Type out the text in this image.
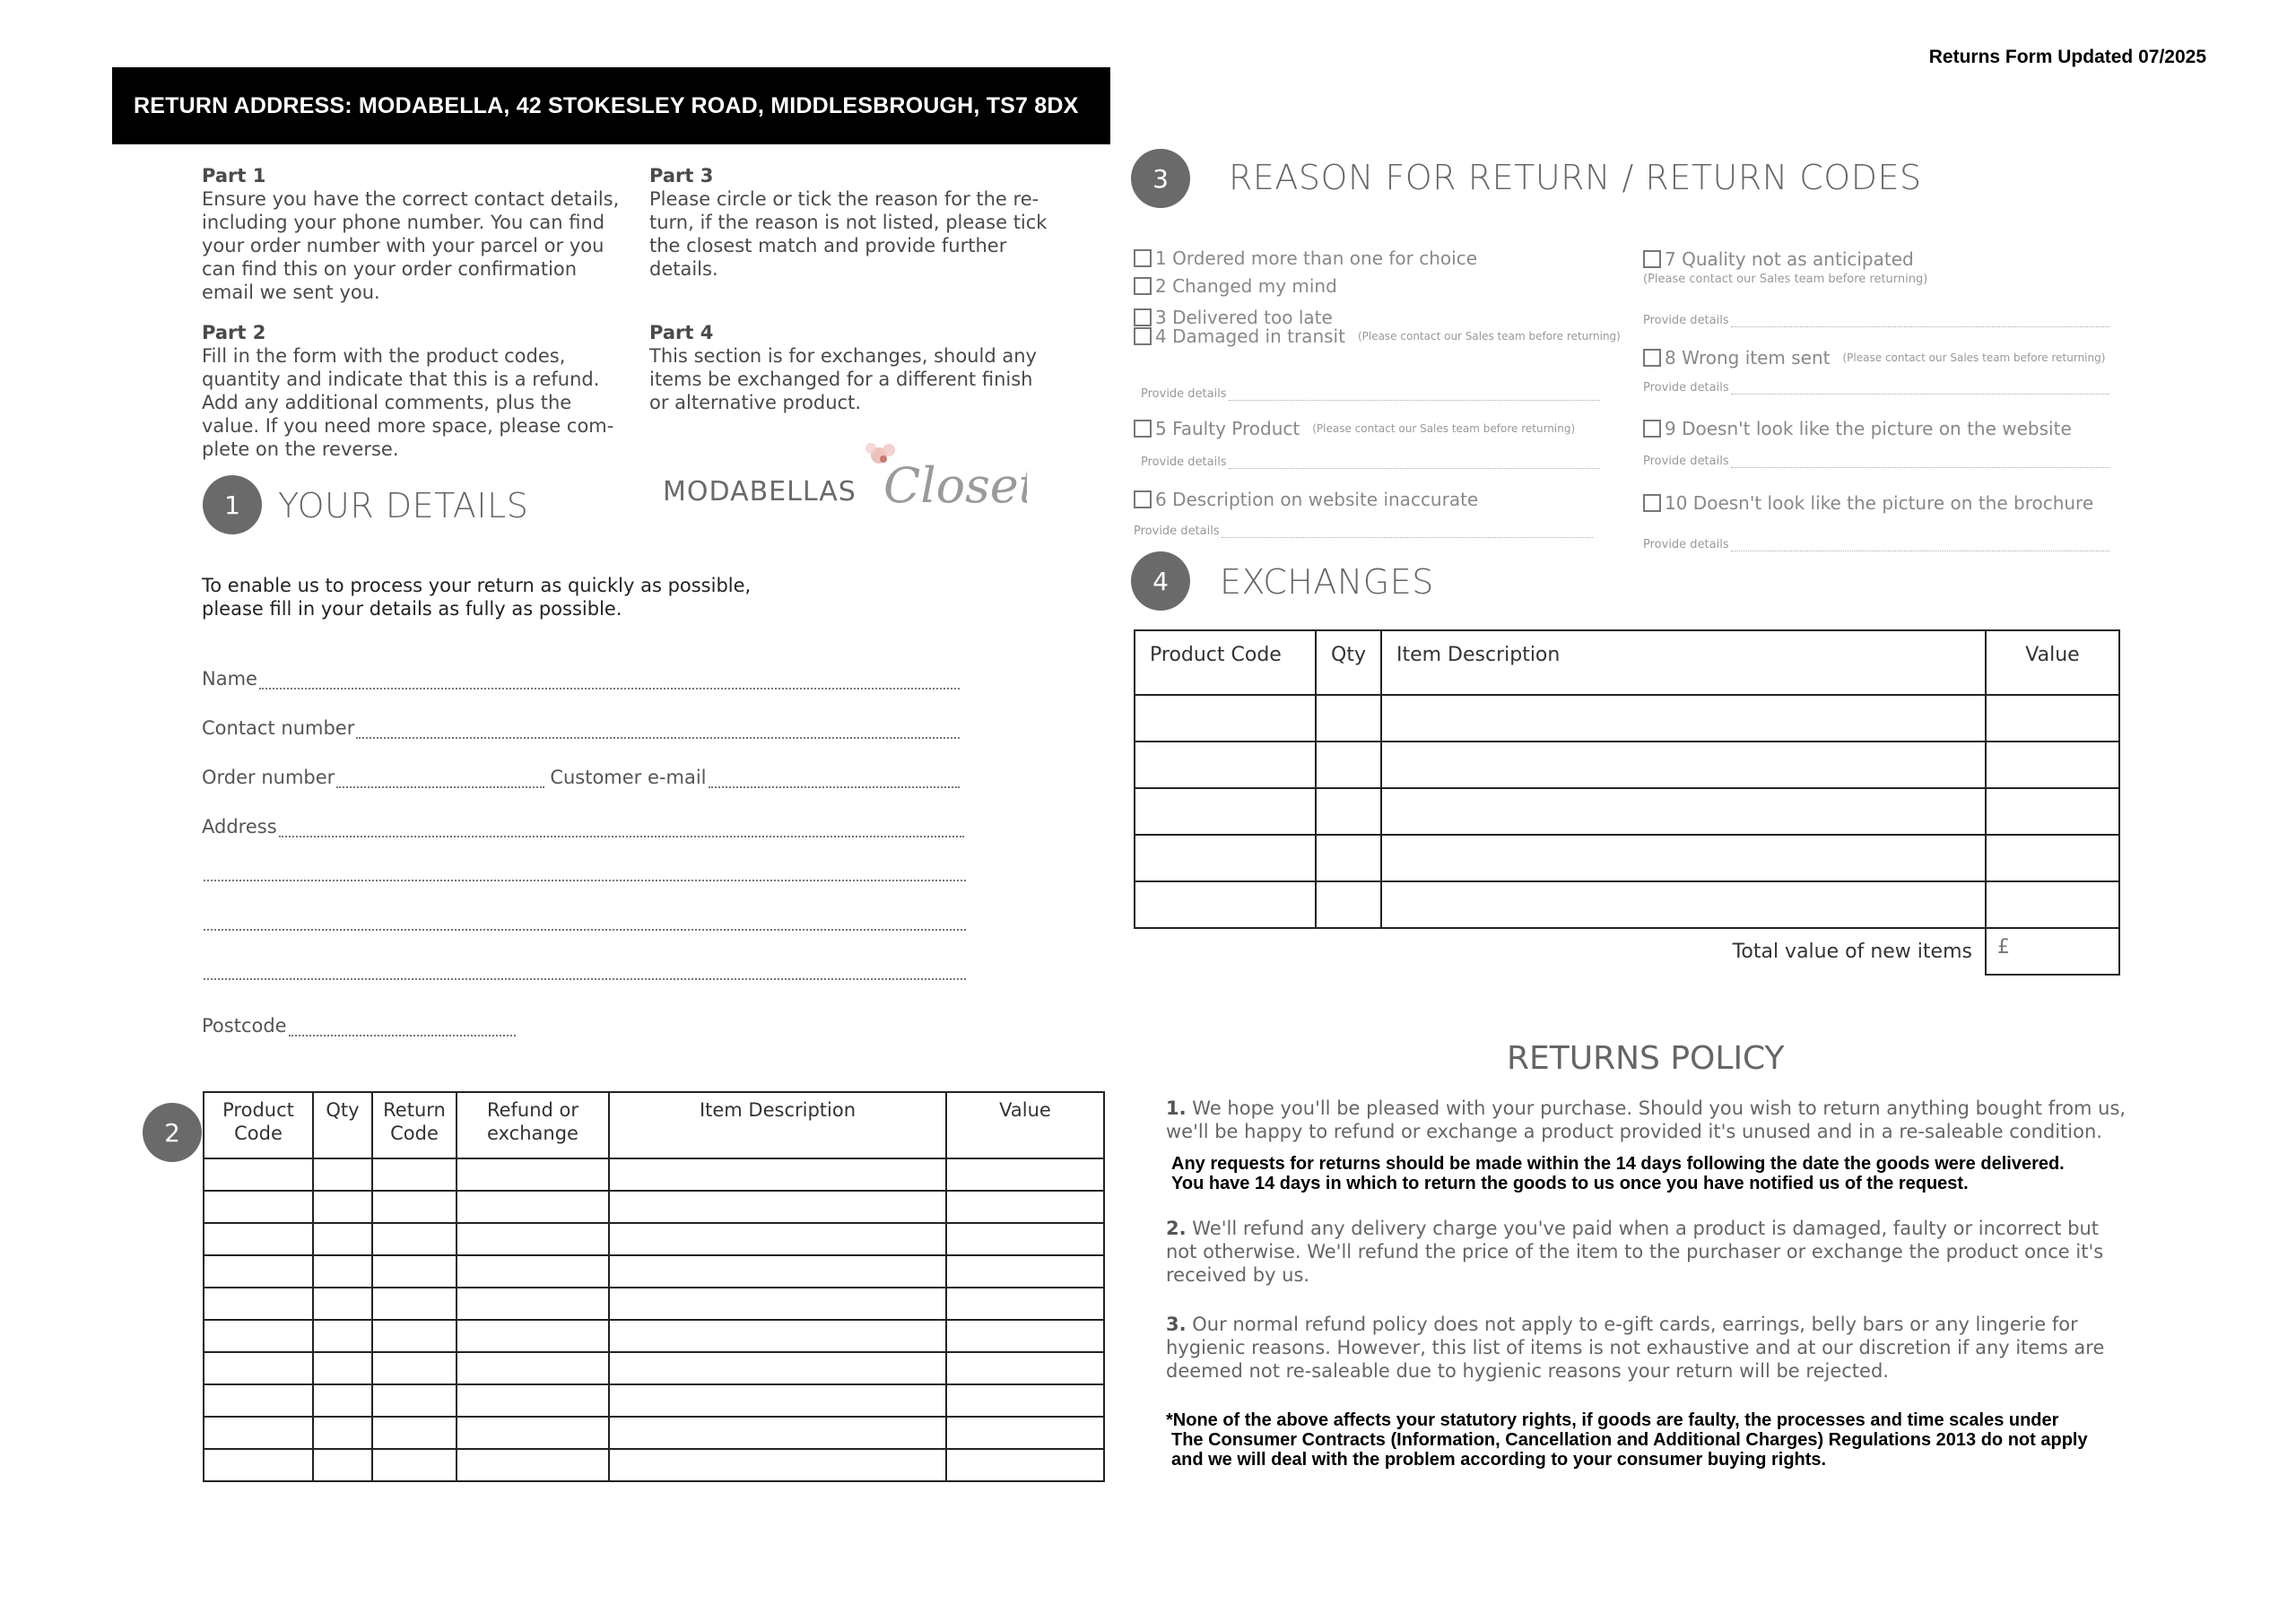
Returns Form Updated 07/2025
RETURN ADDRESS: MODABELLA, 42 STOKESLEY ROAD, MIDDLESBROUGH, TS7 8DX
Part 1
Ensure you have the correct contact details,
including your phone number. You can find
your order number with your parcel or you
can find this on your order confirmation
email we sent you.
Part 2
Fill in the form with the product codes,
quantity and indicate that this is a refund.
Add any additional comments, plus the
value. If you need more space, please com-
plete on the reverse.
Part 3
Please circle or tick the reason for the re-
turn, if the reason is not listed, please tick
the closest match and provide further
details.
Part 4
This section is for exchanges, should any
items be exchanged for a different finish
or alternative product.
1	YOUR DETAILS	MODABELLAS Closet
To enable us to process your return as quickly as possible,
please fill in your details as fully as possible.
Name
Contact number
Order number	Customer e-mail
Address
Postcode
2
Product Code	Qty	Return Code	Refund or exchange	Item Description	Value

3	REASON FOR RETURN / RETURN CODES
1 Ordered more than one for choice
2 Changed my mind
3 Delivered too late
4 Damaged in transit (Please contact our Sales team before returning)
Provide details
5 Faulty Product (Please contact our Sales team before returning)
Provide details
6 Description on website inaccurate
Provide details
7 Quality not as anticipated
(Please contact our Sales team before returning)
Provide details
8 Wrong item sent (Please contact our Sales team before returning)
Provide details
9 Doesn't look like the picture on the website
Provide details
10 Doesn't look like the picture on the brochure
Provide details
4	EXCHANGES
Product Code	Qty	Item Description	Value

Total value of new items			£
RETURNS POLICY
1. We hope you'll be pleased with your purchase. Should you wish to return anything bought from us,
we'll be happy to refund or exchange a product provided it's unused and in a re-saleable condition.
Any requests for returns should be made within the 14 days following the date the goods were delivered.
You have 14 days in which to return the goods to us once you have notified us of the request.
2. We'll refund any delivery charge you've paid when a product is damaged, faulty or incorrect but
not otherwise. We'll refund the price of the item to the purchaser or exchange the product once it's
received by us.
3. Our normal refund policy does not apply to e-gift cards, earrings, belly bars or any lingerie for
hygienic reasons. However, this list of items is not exhaustive and at our discretion if any items are
deemed not re-saleable due to hygienic reasons your return will be rejected.
*None of the above affects your statutory rights, if goods are faulty, the processes and time scales under
The Consumer Contracts (Information, Cancellation and Additional Charges) Regulations 2013 do not apply
and we will deal with the problem according to your consumer buying rights.
